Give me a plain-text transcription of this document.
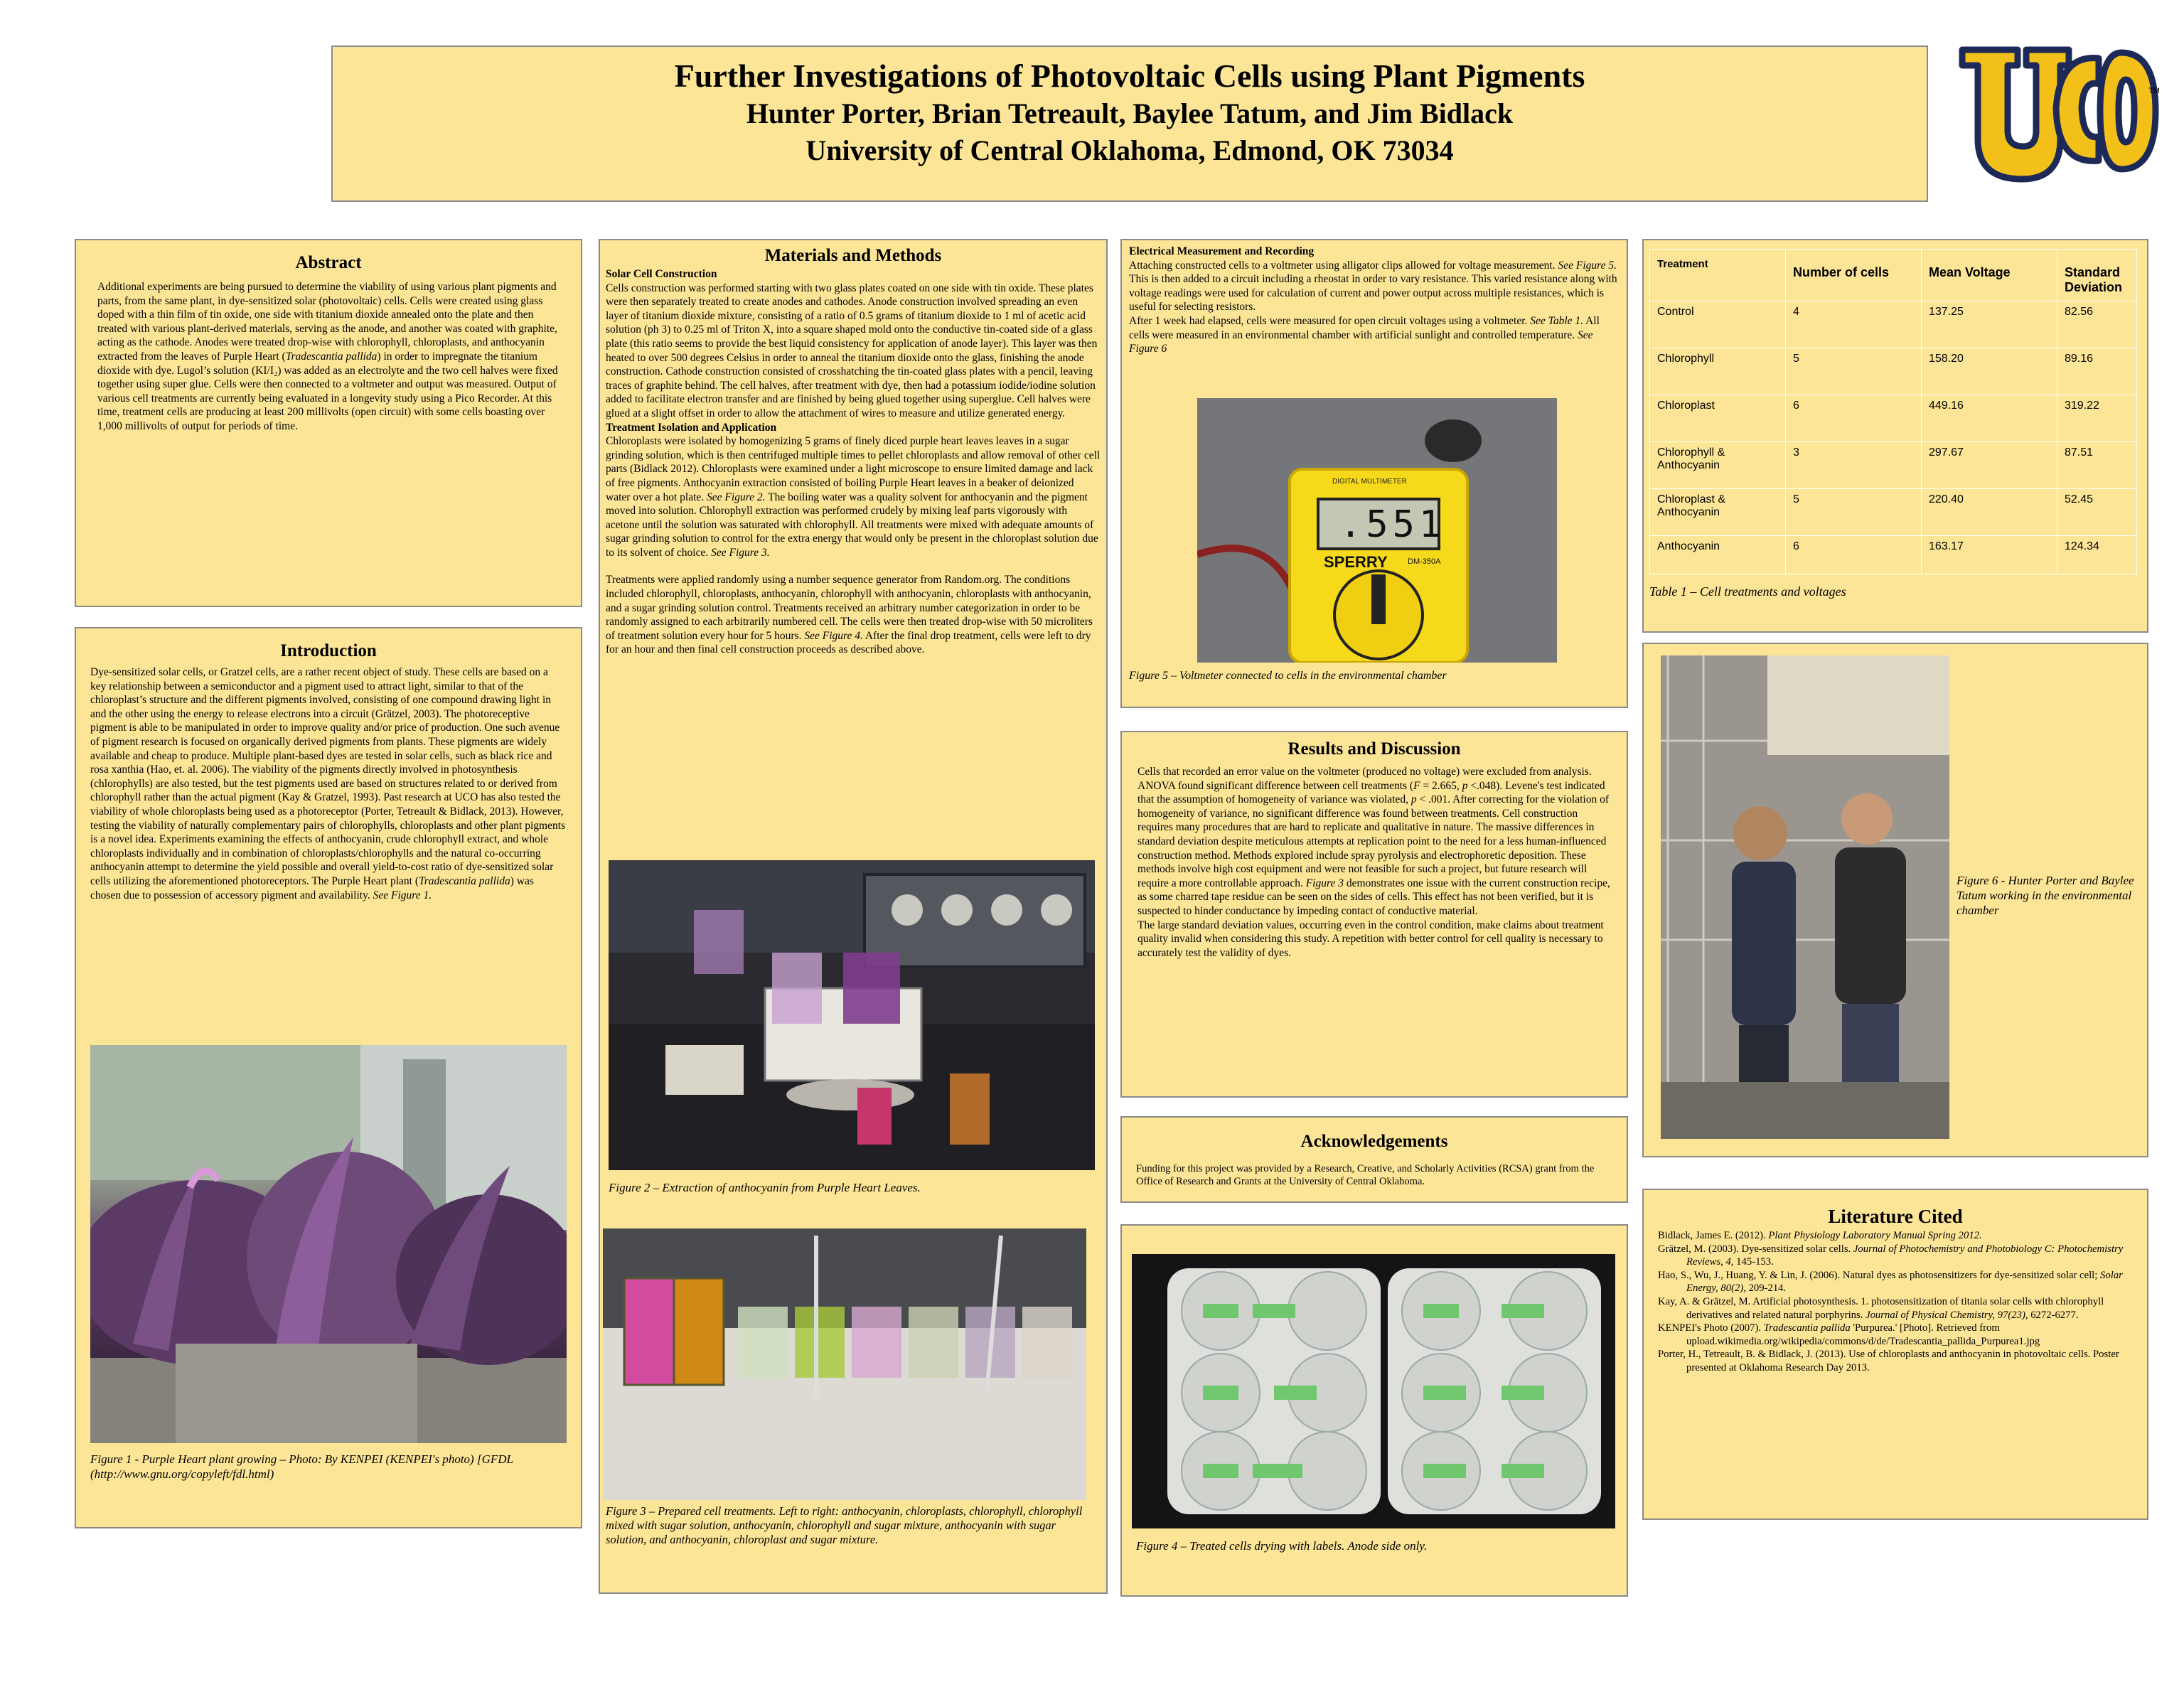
Further Investigations of Photovoltaic Cells using Plant Pigments
Hunter Porter, Brian Tetreault, Baylee Tatum, and Jim Bidlack
University of Central Oklahoma, Edmond, OK 73034
TM
Abstract

Additional experiments are being pursued to determine the viability of using various plant pigments and parts, from the same plant, in dye-sensitized solar (photovoltaic) cells. Cells were created using glass doped with a thin film of tin oxide, one side with titanium dioxide annealed onto the plate and then treated with various plant-derived materials, serving as the anode, and another was coated with graphite, acting as the cathode. Anodes were treated drop-wise with chlorophyll, chloroplasts, and anthocyanin extracted from the leaves of Purple Heart (Tradescantia pallida) in order to impregnate the titanium dioxide with dye. Lugol’s solution (KI/I₂) was added as an electrolyte and the two cell halves were fixed together using super glue. Cells were then connected to a voltmeter and output was measured. Output of various cell treatments are currently being evaluated in a longevity study using a Pico Recorder. At this time, treatment cells are producing at least 200 millivolts (open circuit) with some cells boasting over 1,000 millivolts of output for periods of time.

Introduction

Dye-sensitized solar cells, or Gratzel cells, are a rather recent object of study. These cells are based on a key relationship between a semiconductor and a pigment used to attract light, similar to that of the chloroplast’s structure and the different pigments involved, consisting of one compound drawing light in and the other using the energy to release electrons into a circuit (Grätzel, 2003). The photoreceptive pigment is able to be manipulated in order to improve quality and/or price of production. One such avenue of pigment research is focused on organically derived pigments from plants. These pigments are widely available and cheap to produce. Multiple plant-based dyes are tested in solar cells, such as black rice and rosa xanthia (Hao, et. al. 2006). The viability of the pigments directly involved in photosynthesis (chlorophylls) are also tested, but the test pigments used are based on structures related to or derived from chlorophyll rather than the actual pigment (Kay & Gratzel, 1993). Past research at UCO has also tested the viability of whole chloroplasts being used as a photoreceptor (Porter, Tetreault & Bidlack, 2013). However, testing the viability of naturally complementary pairs of chlorophylls, chloroplasts and other plant pigments is a novel idea. Experiments examining the effects of anthocyanin, crude chlorophyll extract, and whole chloroplasts individually and in combination of chloroplasts/chlorophylls and the natural co-occurring anthocyanin attempt to determine the yield possible and overall yield-to-cost ratio of dye-sensitized solar cells utilizing the aforementioned photoreceptors. The Purple Heart plant (Tradescantia pallida) was chosen due to possession of accessory pigment and availability. See Figure 1.

Figure 1 - Purple Heart plant growing – Photo: By KENPEI (KENPEI's photo) [GFDL (http://www.gnu.org/copyleft/fdl.html)

Materials and Methods
Solar Cell Construction

Cells construction was performed starting with two glass plates coated on one side with tin oxide. These plates were then separately treated to create anodes and cathodes. Anode construction involved spreading an even layer of titanium dioxide mixture, consisting of a ratio of 0.5 grams of titanium dioxide to 1 ml of acetic acid solution (ph 3) to 0.25 ml of Triton X, into a square shaped mold onto the conductive tin-coated side of a glass plate (this ratio seems to provide the best liquid consistency for application of anode layer). This layer was then heated to over 500 degrees Celsius in order to anneal the titanium dioxide onto the glass, finishing the anode construction. Cathode construction consisted of crosshatching the tin-coated glass plates with a pencil, leaving traces of graphite behind. The cell halves, after treatment with dye, then had a potassium iodide/iodine solution added to facilitate electron transfer and are finished by being glued together using superglue. Cell halves were glued at a slight offset in order to allow the attachment of wires to measure and utilize generated energy.

Treatment Isolation and Application

Chloroplasts were isolated by homogenizing 5 grams of finely diced purple heart leaves leaves in a sugar grinding solution, which is then centrifuged multiple times to pellet chloroplasts and allow removal of other cell parts (Bidlack 2012). Chloroplasts were examined under a light microscope to ensure limited damage and lack of free pigments. Anthocyanin extraction consisted of boiling Purple Heart leaves in a beaker of deionized water over a hot plate. See Figure 2. The boiling water was a quality solvent for anthocyanin and the pigment moved into solution. Chlorophyll extraction was performed crudely by mixing leaf parts vigorously with acetone until the solution was saturated with chlorophyll. All treatments were mixed with adequate amounts of sugar grinding solution to control for the extra energy that would only be present in the chloroplast solution due to its solvent of choice. See Figure 3.

Treatments were applied randomly using a number sequence generator from Random.org. The conditions included chlorophyll, chloroplasts, anthocyanin, chlorophyll with anthocyanin, chloroplasts with anthocyanin, and a sugar grinding solution control. Treatments received an arbitrary number categorization in order to be randomly assigned to each arbitrarily numbered cell. The cells were then treated drop-wise with 50 microliters of treatment solution every hour for 5 hours. See Figure 4. After the final drop treatment, cells were left to dry for an hour and then final cell construction proceeds as described above.

Figure 2 – Extraction of anthocyanin from Purple Heart Leaves.

Figure 3 – Prepared cell treatments. Left to right: anthocyanin, chloroplasts, chlorophyll, chlorophyll mixed with sugar solution, anthocyanin, chlorophyll and sugar mixture, anthocyanin with sugar solution, and anthocyanin, chloroplast and sugar mixture.

Electrical Measurement and Recording

Attaching constructed cells to a voltmeter using alligator clips allowed for voltage measurement. See Figure 5. This is then added to a circuit including a rheostat in order to vary resistance. This varied resistance along with voltage readings were used for calculation of current and power output across multiple resistances, which is useful for selecting resistors.

After 1 week had elapsed, cells were measured for open circuit voltages using a voltmeter. See Table 1. All cells were measured in an environmental chamber with artificial sunlight and controlled temperature. See Figure 6

DIGITAL MULTIMETER
.551
SPERRY	DM-350A

Figure 5 – Voltmeter connected to cells in the environmental chamber

Results and Discussion

Cells that recorded an error value on the voltmeter (produced no voltage) were excluded from analysis. ANOVA found significant difference between cell treatments (F = 2.665, p <.048). Levene's test indicated that the assumption of homogeneity of variance was violated, p < .001. After correcting for the violation of homogeneity of variance, no significant difference was found between treatments. Cell construction requires many procedures that are hard to replicate and qualitative in nature. The massive differences in standard deviation despite meticulous attempts at replication point to the need for a less human-influenced construction method. Methods explored include spray pyrolysis and electrophoretic deposition. These methods involve high cost equipment and were not feasible for such a project, but future research will require a more controllable approach. Figure 3 demonstrates one issue with the current construction recipe, as some charred tape residue can be seen on the sides of cells. This effect has not been verified, but it is suspected to hinder conductance by impeding contact of conductive material.

The large standard deviation values, occurring even in the control condition, make claims about treatment quality invalid when considering this study. A repetition with better control for cell quality is necessary to accurately test the validity of dyes.

Acknowledgements

Funding for this project was provided by a Research, Creative, and Scholarly Activities (RCSA) grant from the Office of Research and Grants at the University of Central Oklahoma.

Figure 4 – Treated cells drying with labels. Anode side only.

Treatment	Number of cells	Mean Voltage	Standard Deviation
Control	4	137.25	82.56
Chlorophyll	5	158.20	89.16
Chloroplast	6	449.16	319.22
Chlorophyll & Anthocyanin	3	297.67	87.51
Chloroplast & Anthocyanin	5	220.40	52.45
Anthocyanin	6	163.17	124.34

Table 1 – Cell treatments and voltages

Figure 6 - Hunter Porter and Baylee Tatum working in the environmental chamber

Literature Cited

Bidlack, James E. (2012). Plant Physiology Laboratory Manual Spring 2012.

Grätzel, M. (2003). Dye-sensitized solar cells. Journal of Photochemistry and Photobiology C: Photochemistry Reviews, 4, 145-153.

Hao, S., Wu, J., Huang, Y. & Lin, J. (2006). Natural dyes as photosensitizers for dye-sensitized solar cell; Solar Energy, 80(2), 209-214.

Kay, A. & Grätzel, M. Artificial photosynthesis. 1. photosensitization of titania solar cells with chlorophyll derivatives and related natural porphyrins. Journal of Physical Chemistry, 97(23), 6272-6277.

KENPEI's Photo (2007). Tradescantia pallida 'Purpurea.' [Photo]. Retrieved from upload.wikimedia.org/wikipedia/commons/d/de/Tradescantia_pallida_Purpurea1.jpg

Porter, H., Tetreault, B. & Bidlack, J. (2013). Use of chloroplasts and anthocyanin in photovoltaic cells. Poster presented at Oklahoma Research Day 2013.
